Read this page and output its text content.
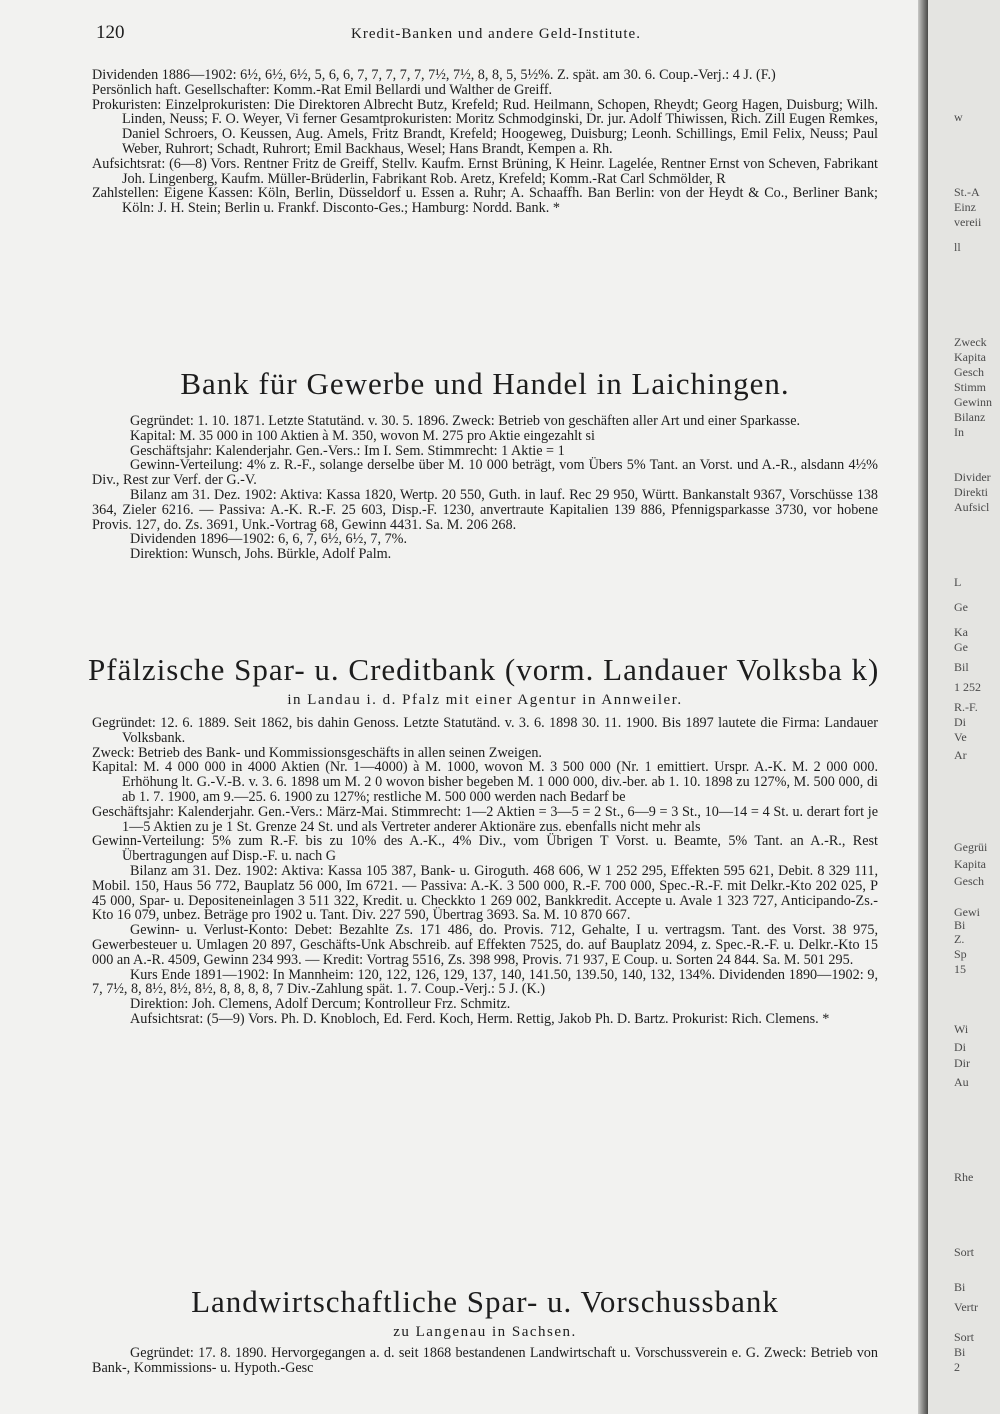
120	Kredit-Banken und andere Geld-Institute.

Dividenden 1886—1902: 6½, 6½, 6½, 5, 6, 6, 7, 7, 7, 7, 7, 7½, 7½, 8, 8, 5, 5½%. Z. spät. am 30. 6. Coup.-Verj.: 4 J. (F.)

Persönlich haft. Gesellschafter: Komm.-Rat Emil Bellardi und Walther de Greiff.

Prokuristen: Einzelprokuristen: Die Direktoren Albrecht Butz, Krefeld; Rud. Heilmann, Schopen, Rheydt; Georg Hagen, Duisburg; Wilh. Linden, Neuss; F. O. Weyer, Vi ferner Gesamtprokuristen: Moritz Schmodginski, Dr. jur. Adolf Thiwissen, Rich. Zill Eugen Remkes, Daniel Schroers, O. Keussen, Aug. Amels, Fritz Brandt, Krefeld; Hoogeweg, Duisburg; Leonh. Schillings, Emil Felix, Neuss; Paul Weber, Ruhrort; Schadt, Ruhrort; Emil Backhaus, Wesel; Hans Brandt, Kempen a. Rh.

Aufsichtsrat: (6—8) Vors. Rentner Fritz de Greiff, Stellv. Kaufm. Ernst Brüning, K Heinr. Lagelée, Rentner Ernst von Scheven, Fabrikant Joh. Lingenberg, Kaufm. Müller-Brüderlin, Fabrikant Rob. Aretz, Krefeld; Komm.-Rat Carl Schmölder, R

Zahlstellen: Eigene Kassen: Köln, Berlin, Düsseldorf u. Essen a. Ruhr; A. Schaaffh. Ban Berlin: von der Heydt & Co., Berliner Bank; Köln: J. H. Stein; Berlin u. Frankf. Disconto-Ges.; Hamburg: Nordd. Bank. *

Bank für Gewerbe und Handel in Laichingen.

Gegründet: 1. 10. 1871. Letzte Statutänd. v. 30. 5. 1896. Zweck: Betrieb von geschäften aller Art und einer Sparkasse.

Kapital: M. 35 000 in 100 Aktien à M. 350, wovon M. 275 pro Aktie eingezahlt si

Geschäftsjahr: Kalenderjahr. Gen.-Vers.: Im I. Sem. Stimmrecht: 1 Aktie = 1

Gewinn-Verteilung: 4% z. R.-F., solange derselbe über M. 10 000 beträgt, vom Übers 5% Tant. an Vorst. und A.-R., alsdann 4½% Div., Rest zur Verf. der G.-V.

Bilanz am 31. Dez. 1902: Aktiva: Kassa 1820, Wertp. 20 550, Guth. in lauf. Rec 29 950, Württ. Bankanstalt 9367, Vorschüsse 138 364, Zieler 6216. — Passiva: A.-K. R.-F. 25 603, Disp.-F. 1230, anvertraute Kapitalien 139 886, Pfennigsparkasse 3730, vor hobene Provis. 127, do. Zs. 3691, Unk.-Vortrag 68, Gewinn 4431. Sa. M. 206 268.

Dividenden 1896—1902: 6, 6, 7, 6½, 6½, 7, 7%.

Direktion: Wunsch, Johs. Bürkle, Adolf Palm.

Pfälzische Spar- u. Creditbank (vorm. Landauer Volksba k)
in Landau i. d. Pfalz mit einer Agentur in Annweiler.

Gegründet: 12. 6. 1889. Seit 1862, bis dahin Genoss. Letzte Statutänd. v. 3. 6. 1898 30. 11. 1900. Bis 1897 lautete die Firma: Landauer Volksbank.

Zweck: Betrieb des Bank- und Kommissionsgeschäfts in allen seinen Zweigen.

Kapital: M. 4 000 000 in 4000 Aktien (Nr. 1—4000) à M. 1000, wovon M. 3 500 000 (Nr. 1 emittiert. Urspr. A.-K. M. 2 000 000. Erhöhung lt. G.-V.-B. v. 3. 6. 1898 um M. 2 0 wovon bisher begeben M. 1 000 000, div.-ber. ab 1. 10. 1898 zu 127%, M. 500 000, di ab 1. 7. 1900, am 9.—25. 6. 1900 zu 127%; restliche M. 500 000 werden nach Bedarf be

Geschäftsjahr: Kalenderjahr. Gen.-Vers.: März-Mai. Stimmrecht: 1—2 Aktien = 3—5 = 2 St., 6—9 = 3 St., 10—14 = 4 St. u. derart fort je 1—5 Aktien zu je 1 St. Grenze 24 St. und als Vertreter anderer Aktionäre zus. ebenfalls nicht mehr als

Gewinn-Verteilung: 5% zum R.-F. bis zu 10% des A.-K., 4% Div., vom Übrigen T Vorst. u. Beamte, 5% Tant. an A.-R., Rest Übertragungen auf Disp.-F. u. nach G

Bilanz am 31. Dez. 1902: Aktiva: Kassa 105 387, Bank- u. Giroguth. 468 606, W 1 252 295, Effekten 595 621, Debit. 8 329 111, Mobil. 150, Haus 56 772, Bauplatz 56 000, Im 6721. — Passiva: A.-K. 3 500 000, R.-F. 700 000, Spec.-R.-F. mit Delkr.-Kto 202 025, P 45 000, Spar- u. Depositeneinlagen 3 511 322, Kredit. u. Checkkto 1 269 002, Bankkredit. Accepte u. Avale 1 323 727, Anticipando-Zs.-Kto 16 079, unbez. Beträge pro 1902 u. Tant. Div. 227 590, Übertrag 3693. Sa. M. 10 870 667.

Gewinn- u. Verlust-Konto: Debet: Bezahlte Zs. 171 486, do. Provis. 712, Gehalte, I u. vertragsm. Tant. des Vorst. 38 975, Gewerbesteuer u. Umlagen 20 897, Geschäfts-Unk Abschreib. auf Effekten 7525, do. auf Bauplatz 2094, z. Spec.-R.-F. u. Delkr.-Kto 15 000 an A.-R. 4509, Gewinn 234 993. — Kredit: Vortrag 5516, Zs. 398 998, Provis. 71 937, E Coup. u. Sorten 24 844. Sa. M. 501 295.

Kurs Ende 1891—1902: In Mannheim: 120, 122, 126, 129, 137, 140, 141.50, 139.50, 140, 132, 134%. Dividenden 1890—1902: 9, 7, 7½, 8, 8½, 8½, 8½, 8, 8, 8, 8, 7 Div.-Zahlung spät. 1. 7. Coup.-Verj.: 5 J. (K.)

Direktion: Joh. Clemens, Adolf Dercum; Kontrolleur Frz. Schmitz.

Aufsichtsrat: (5—9) Vors. Ph. D. Knobloch, Ed. Ferd. Koch, Herm. Rettig, Jakob Ph. D. Bartz. Prokurist: Rich. Clemens. *

Landwirtschaftliche Spar- u. Vorschussbank
zu Langenau in Sachsen.

Gegründet: 17. 8. 1890. Hervorgegangen a. d. seit 1868 bestandenen Landwirtschaft u. Vorschussverein e. G. Zweck: Betrieb von Bank-, Kommissions- u. Hypoth.-Gesc

w
St.-A
Einz
vereii
ll
Zweck
Kapita
Gesch
Stimm
Gewinn
Bilanz
In
Divider
Direkti
Aufsicl
L
Ge
Ka
Ge
Bil
1 252
R.-F.
Di
Ve
Ar
Gegrüi
Kapita
Gesch
Gewi
Bi
Z.
Sp
15
Wi
Di
Dir
Au
Rhe
Sort
Bi
Vertr
Sort
Bi
2
